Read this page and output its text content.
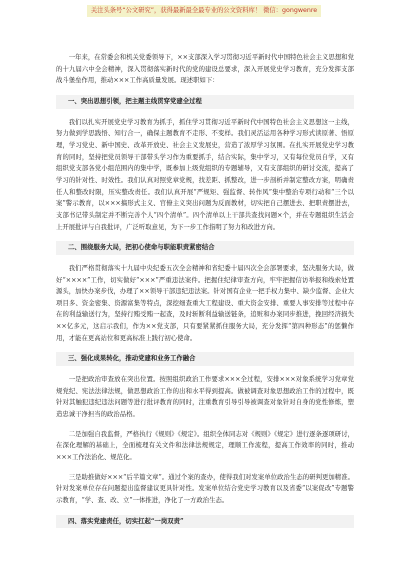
关注头条号“公文研究”，获得最新最全最专业的公文资料库！ 微信：gongwenre

一年来，在常委会和机关党委领导下，××支部深入学习贯彻习近平新时代中国特色社会主义思想和党的十九届六中全会精神，深入贯彻落实新时代的党的建设总要求，深入开展党史学习教育，充分发挥支部战斗堡垒作用，推动×××工作高质量发展。现述职如下：

一、突出思想引领，把主题主线贯穿党建全过程

我们以扎实开展党史学习教育为抓手，抓住学习贯彻习近平新时代中国特色社会主义思想这一主线，努力做到学思践悟、知行合一，确保主题教育不走形、不变样。我们灵活运用各种学习形式读原著、悟原理，学习党史、新中国史、改革开放史、社会主义发展史，营造了浓厚学习氛围。在扎实开展党史学习教育的同时，坚持把党员领导干部带头学习作为重要抓手，结合实际，集中学习，又有每位党员自学，又有组织党支部各党小组范围内的集中学，既参加上级党组织的专题辅导，又有支部组织的研讨交流，提高了学习的针对性、时效性。我们认真对照党章党规，找差距、抓整改，进一步剖析并制定整改方案，明确责任人和整改时限，压实整改责任。我们认真开展“严规矩、强监督、转作风”集中整治专项行动和“三个以案”警示教育，以×××搞形式主义、官僚主义突出问题为反面教材，切实把自己摆进去、把职责摆进去，支部书记带头制定并不断完善个人“四个清单”。四个清单以上干部共查找问题×个，并在专题组织生活会上开展批评与自我批评，广泛听取意见，为下一步工作指明了努力和改进方向。

二、围绕服务大局，把初心使命与职能职责紧密结合

我们严格贯彻落实十九届中央纪委五次全会精神和省纪委十届四次全会部署要求，坚决服务大局，做好“××××”工作，切实做好“×××”严重违法案件。把握住纪律审查方向，牢牢把握信访举报和线索处置源头，加快办案步伐，办理了××领导干部违纪违法案。针对国有企业一把手权力集中、缺少监督、企业大项目多、资金密集、资源富集等特点，深挖细查重大工程建设、重大资金安排、重要人事安排等过程中存在的利益输送行为，坚持行贿受贿一起查，及时斩断利益输送链条，追赃和办案同步推进，挽回经济损失××亿多元，这启示我们，作为××党支部，只有要紧紧抓住服务大局，充分发挥“第四种形态”的惩懒作用，才能在更高站位和更高标准上践行初心使命。

三、强化成果转化，推动党建和业务工作融合

一是把政治审查放在突出位置。按照组织政治工作要求×××全过程，安排×××对象系统学习党章党规党纪、宪法法律法规，做思想政治工作的出和水平得到提高。做被调查对象思想政治工作的过程中，既针对其触犯违纪违法问题等进行批评教育的同时，注重教育引导引导被调查对象针对自身的党性修炼，塑造忠诚干净担当的政治品格。

二是加强自我监督，严格执行《规则》《规定》。组织全体同志对《规则》《规定》进行逐条逐项研讨，在深化理解的基础上，全面梳理有关文件和法律法规规定，理顺工作流程，提高工作效率的同时，推动×××工作法治化、规范化。

三是助推做好×××“后半篇文章”。通过个案的查办，使得我们对发案单位政治生态的研判更加精准。针对发案单位存在问题提出监督建议更具针对性。发案单位结合党史学习教育以及省委“以案促改”专题警示教育，“学、查、改、立”一体推进，净化了一方政治生态。

四、落实党建责任，切实扛起“一岗双责”
